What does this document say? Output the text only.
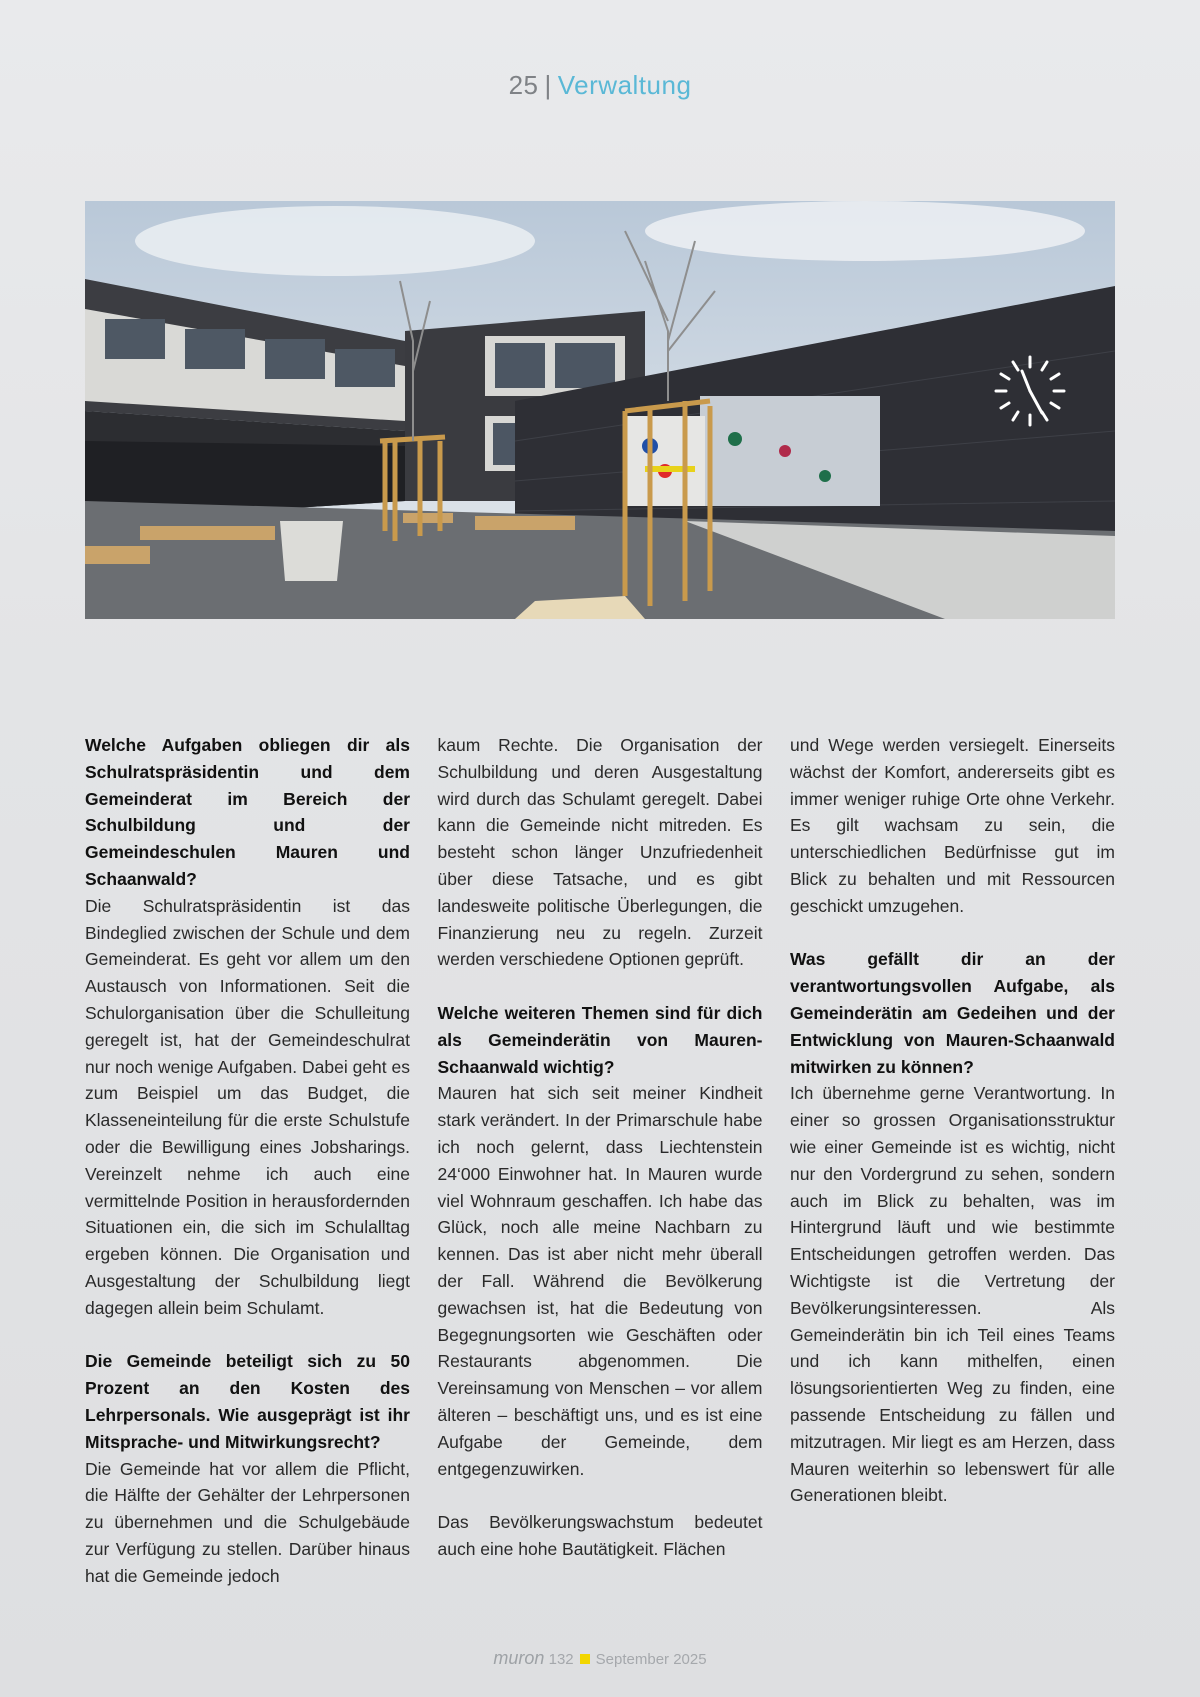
25 | Verwaltung
Welche Aufgaben obliegen dir als Schulratspräsidentin und dem Gemeinderat im Bereich der Schulbildung und der Gemeindeschulen Mauren und Schaanwald?

Die Schulratspräsidentin ist das Bindeglied zwischen der Schule und dem Gemeinderat. Es geht vor allem um den Austausch von Informationen. Seit die Schulorganisation über die Schulleitung geregelt ist, hat der Gemeindeschulrat nur noch wenige Aufgaben. Dabei geht es zum Beispiel um das Budget, die Klasseneinteilung für die erste Schulstufe oder die Bewilligung eines Jobsharings. Vereinzelt nehme ich auch eine vermittelnde Position in herausfordernden Situationen ein, die sich im Schulalltag ergeben können. Die Organisation und Ausgestaltung der Schulbildung liegt dagegen allein beim Schulamt.

Die Gemeinde beteiligt sich zu 50 Prozent an den Kosten des Lehrpersonals. Wie ausgeprägt ist ihr Mitsprache- und Mitwirkungsrecht?

Die Gemeinde hat vor allem die Pflicht, die Hälfte der Gehälter der Lehrpersonen zu übernehmen und die Schulgebäude zur Verfügung zu stellen. Darüber hinaus hat die Gemeinde jedoch

kaum Rechte. Die Organisation der Schulbildung und deren Ausgestaltung wird durch das Schulamt geregelt. Dabei kann die Gemeinde nicht mitreden. Es besteht schon länger Unzufriedenheit über diese Tatsache, und es gibt landesweite politische Überlegungen, die Finanzierung neu zu regeln. Zurzeit werden verschiedene Optionen geprüft.

Welche weiteren Themen sind für dich als Gemeinderätin von Mauren-Schaanwald wichtig?

Mauren hat sich seit meiner Kindheit stark verändert. In der Primarschule habe ich noch gelernt, dass Liechtenstein 24‘000 Einwohner hat. In Mauren wurde viel Wohnraum geschaffen. Ich habe das Glück, noch alle meine Nachbarn zu kennen. Das ist aber nicht mehr überall der Fall. Während die Bevölkerung gewachsen ist, hat die Bedeutung von Begegnungsorten wie Geschäften oder Restaurants abgenommen. Die Vereinsamung von Menschen – vor allem älteren – beschäftigt uns, und es ist eine Aufgabe der Gemeinde, dem entgegenzuwirken.

Das Bevölkerungswachstum bedeutet auch eine hohe Bautätigkeit. Flächen

und Wege werden versiegelt. Einerseits wächst der Komfort, andererseits gibt es immer weniger ruhige Orte ohne Verkehr. Es gilt wachsam zu sein, die unterschiedlichen Bedürfnisse gut im Blick zu behalten und mit Ressourcen geschickt umzugehen.

Was gefällt dir an der verantwortungsvollen Aufgabe, als Gemeinderätin am Gedeihen und der Entwicklung von Mauren-Schaanwald mitwirken zu können?

Ich übernehme gerne Verantwortung. In einer so grossen Organisationsstruktur wie einer Gemeinde ist es wichtig, nicht nur den Vordergrund zu sehen, sondern auch im Blick zu behalten, was im Hintergrund läuft und wie bestimmte Entscheidungen getroffen werden. Das Wichtigste ist die Vertretung der Bevölkerungsinteressen. Als Gemeinderätin bin ich Teil eines Teams und ich kann mithelfen, einen lösungsorientierten Weg zu finden, eine passende Entscheidung zu fällen und mitzutragen. Mir liegt es am Herzen, dass Mauren weiterhin so lebenswert für alle Generationen bleibt.

muron 132 September 2025
